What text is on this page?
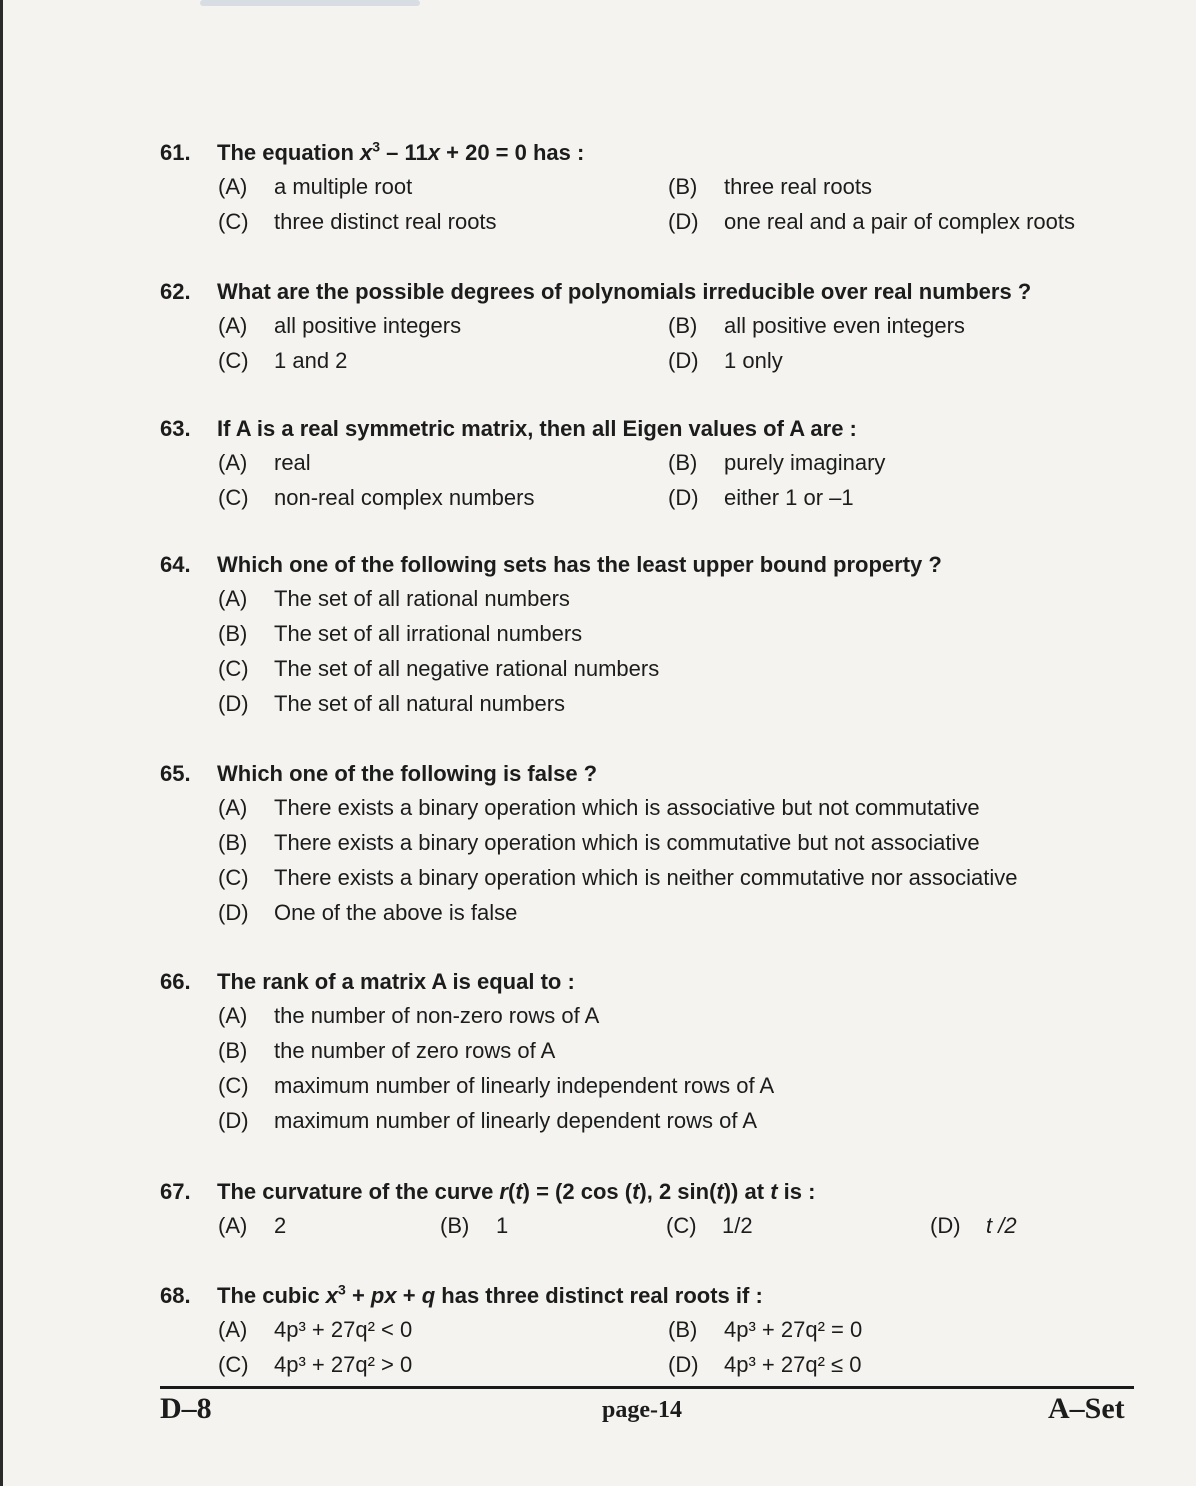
61. The equation $x^3 - 11x + 20 = 0$ has :
(A) a multiple root	(B) three real roots
(C) three distinct real roots	(D) one real and a pair of complex roots
62. What are the possible degrees of polynomials irreducible over real numbers ?
(A) all positive integers	(B) all positive even integers
(C) 1 and 2	(D) 1 only
63. If A is a real symmetric matrix, then all Eigen values of A are :
(A) real	(B) purely imaginary
(C) non-real complex numbers	(D) either 1 or –1
64. Which one of the following sets has the least upper bound property ?
(A) The set of all rational numbers
(B) The set of all irrational numbers
(C) The set of all negative rational numbers
(D) The set of all natural numbers
65. Which one of the following is false ?
(A) There exists a binary operation which is associative but not commutative
(B) There exists a binary operation which is commutative but not associative
(C) There exists a binary operation which is neither commutative nor associative
(D) One of the above is false
66. The rank of a matrix A is equal to :
(A) the number of non-zero rows of A
(B) the number of zero rows of A
(C) maximum number of linearly independent rows of A
(D) maximum number of linearly dependent rows of A
67. The curvature of the curve r(t) = (2 cos (t), 2 sin(t)) at t is :
(A) 2	(B) 1	(C) 1/2	(D) t /2
68. The cubic $x^3$ + px + q has three distinct real roots if :
(A) 4p³ + 27q² < 0	(B) 4p³ + 27q² = 0
(C) 4p³ + 27q² > 0	(D) 4p³ + 27q² ≤ 0
D–8	page-14	A–Set
